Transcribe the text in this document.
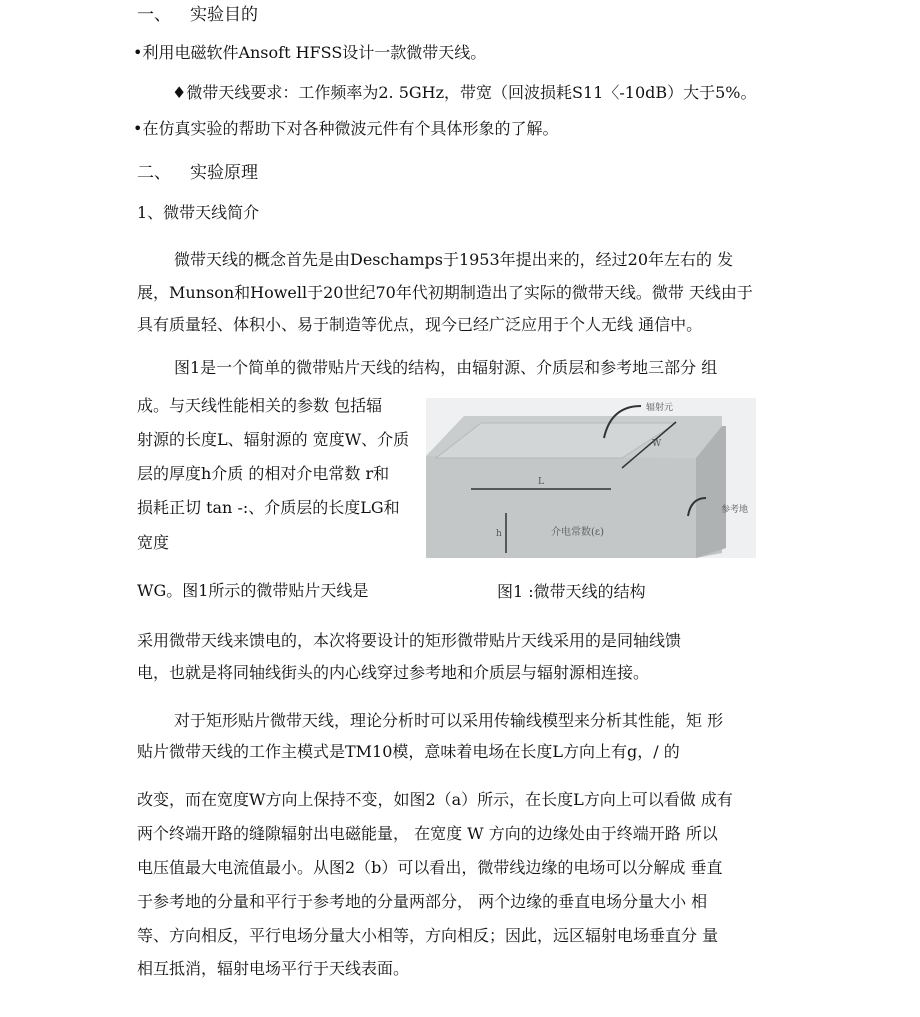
一、 实验目的
•利用电磁软件Ansoft HFSS设计一款微带天线。
♦微带天线要求：工作频率为2. 5GHz，带宽（回波损耗S11〈-10dB）大于5%。
•在仿真实验的帮助下对各种微波元件有个具体形象的了解。
二、 实验原理
1、微带天线简介
微带天线的概念首先是由Deschamps于1953年提出来的，经过20年左右的 发
展，Munson和Howell于20世纪70年代初期制造出了实际的微带天线。微带 天线由于
具有质量轻、体积小、易于制造等优点，现今已经广泛应用于个人无线 通信中。
图1是一个简单的微带贴片天线的结构，由辐射源、介质层和参考地三部分 组
成。与天线性能相关的参数 包括辐
射源的长度L、辐射源的 宽度W、介质
层的厚度h介质 的相对介电常数 r和
损耗正切 tan -:、介质层的长度LG和
宽度
WG。图1所示的微带贴片天线是
L
W
h
辐射元
参考地
介电常数(ε)
图1 :微带天线的结构
采用微带天线来馈电的，本次将要设计的矩形微带贴片天线采用的是同轴线馈
电，也就是将同轴线街头的内心线穿过参考地和介质层与辐射源相连接。
对于矩形贴片微带天线，理论分析时可以采用传输线模型来分析其性能，矩 形
贴片微带天线的工作主模式是TM10模，意味着电场在长度L方向上有g，/ 的
改变，而在宽度W方向上保持不变，如图2（a）所示，在长度L方向上可以看做 成有
两个终端开路的缝隙辐射出电磁能量， 在宽度 W 方向的边缘处由于终端开路 所以
电压值最大电流值最小。从图2（b）可以看出，微带线边缘的电场可以分解成 垂直
于参考地的分量和平行于参考地的分量两部分， 两个边缘的垂直电场分量大小 相
等、方向相反，平行电场分量大小相等，方向相反；因此，远区辐射电场垂直分 量
相互抵消，辐射电场平行于天线表面。
